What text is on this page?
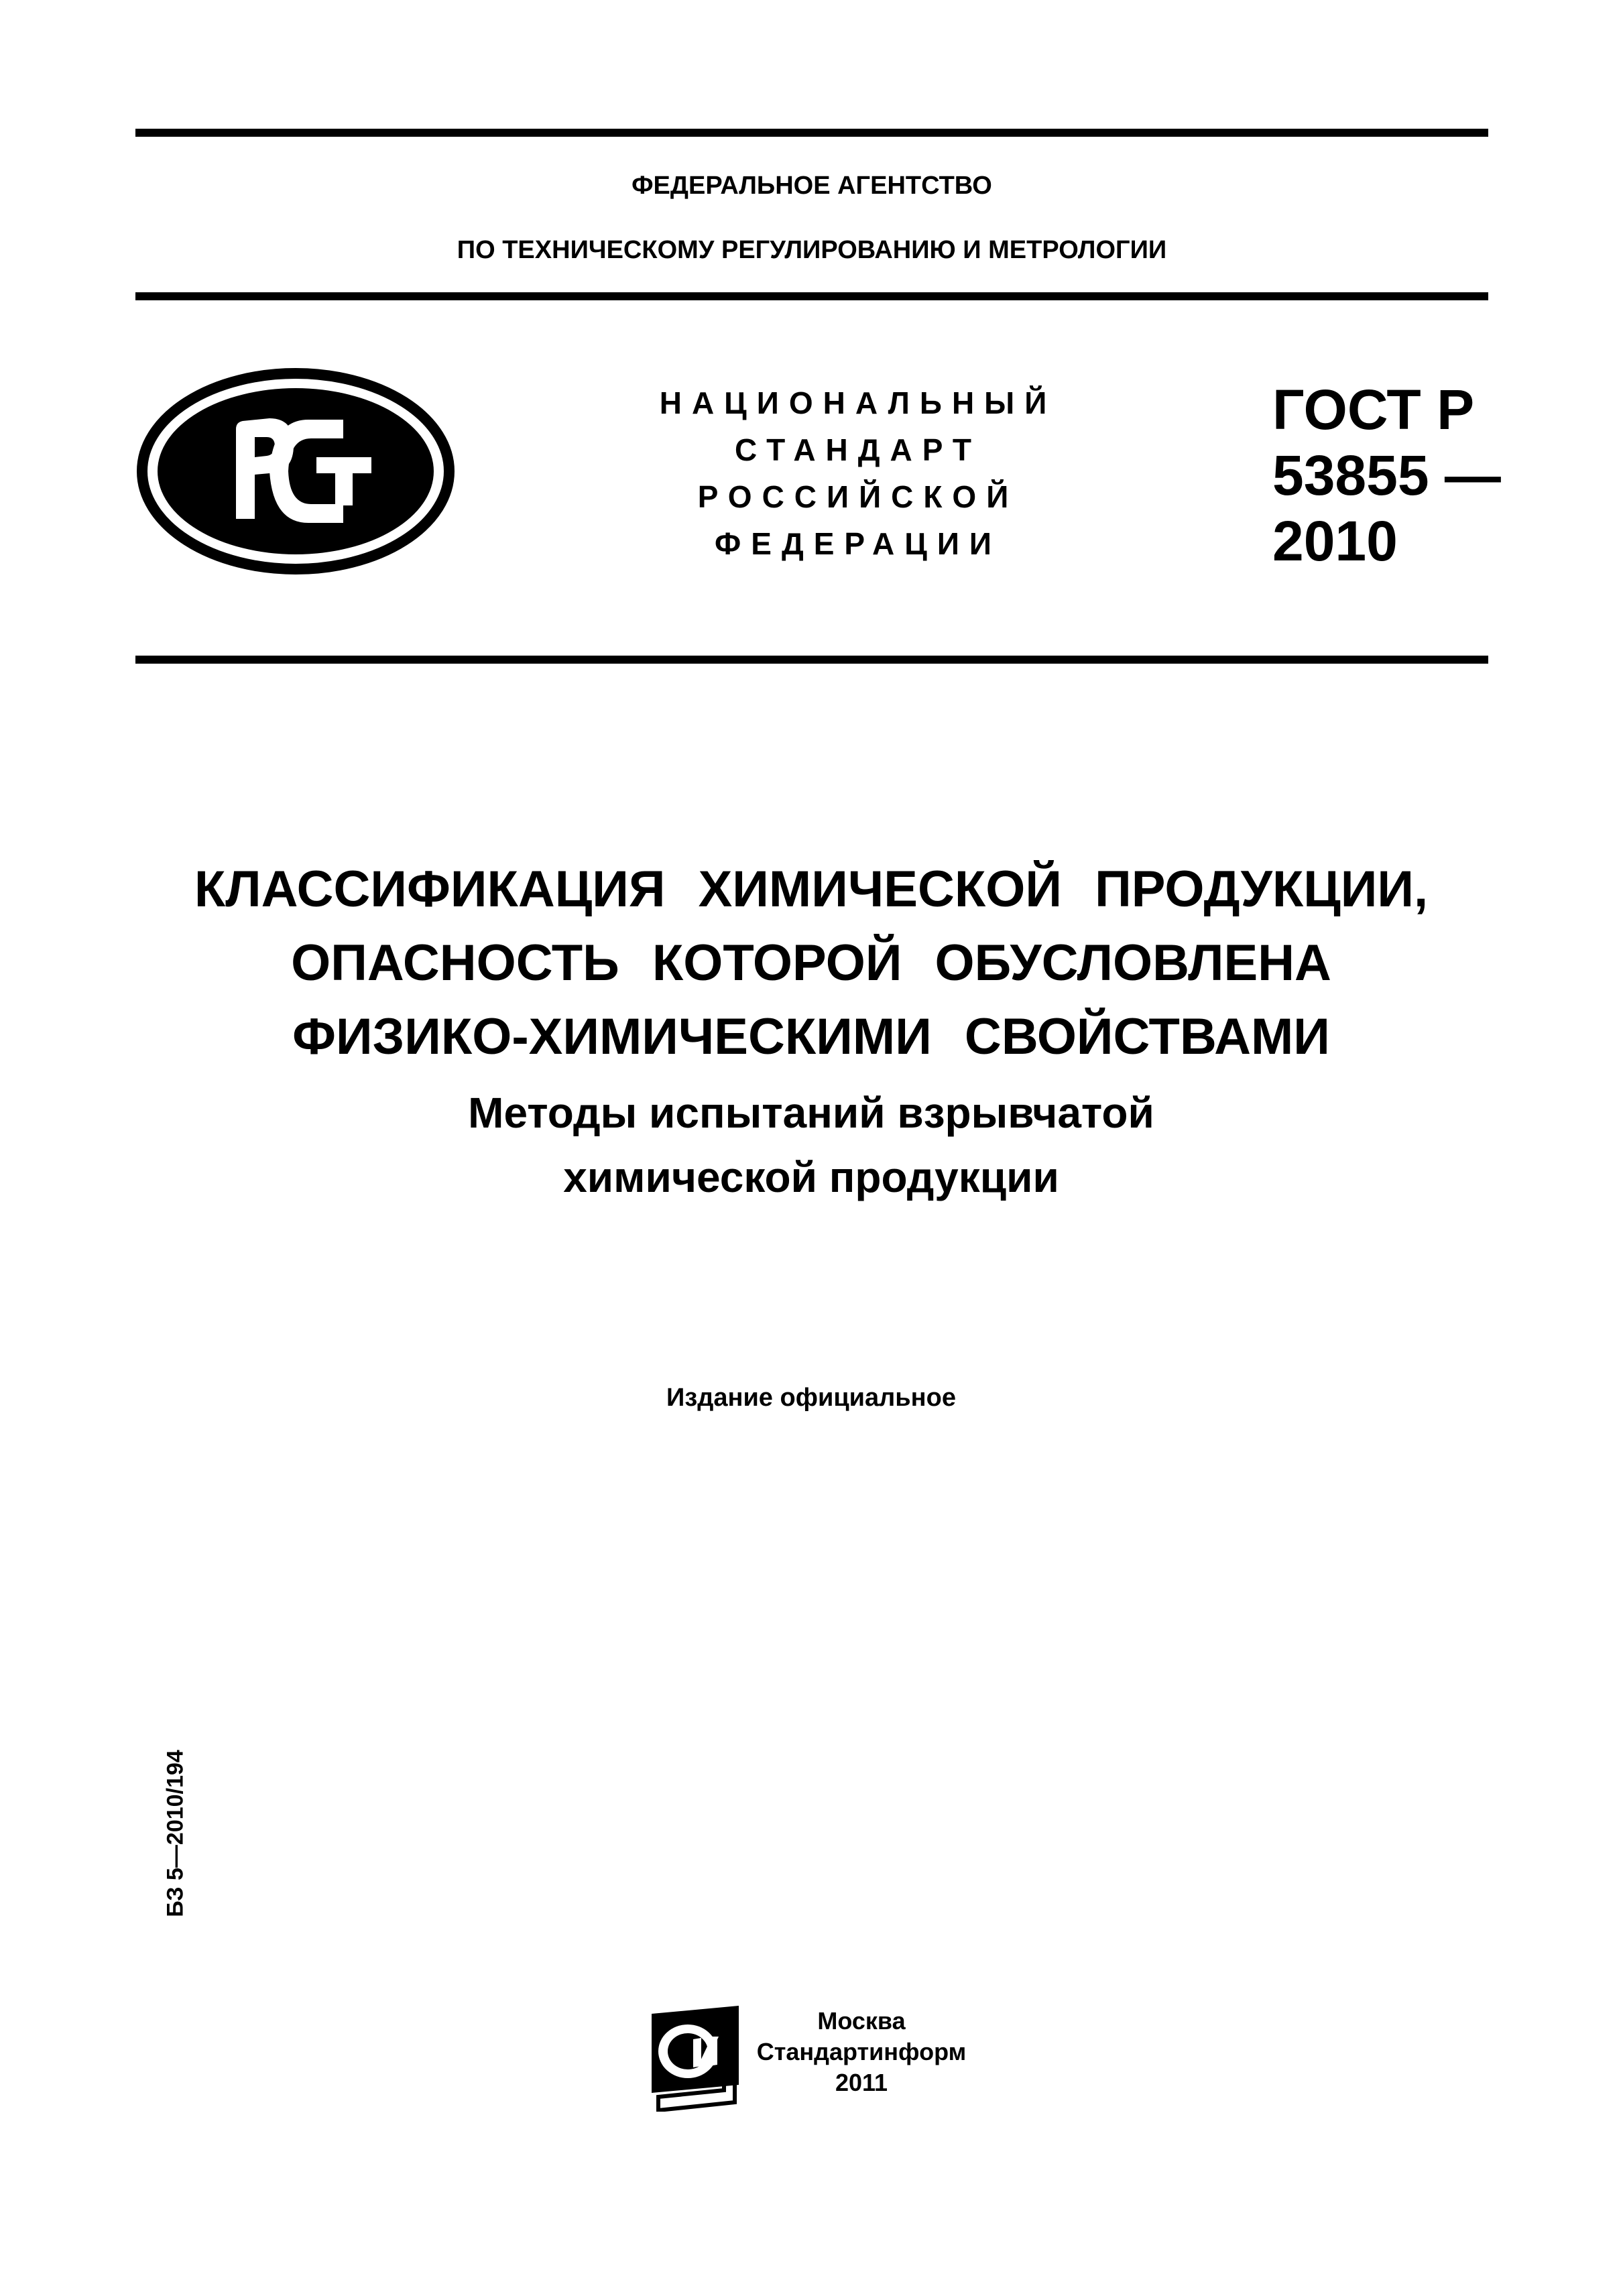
ФЕДЕРАЛЬНОЕ АГЕНТСТВО
ПО ТЕХНИЧЕСКОМУ РЕГУЛИРОВАНИЮ И МЕТРОЛОГИИ
НАЦИОНАЛЬНЫЙ
СТАНДАРТ
РОССИЙСКОЙ
ФЕДЕРАЦИИ
ГОСТ Р
53855 —
2010
КЛАССИФИКАЦИЯ ХИМИЧЕСКОЙ ПРОДУКЦИИ,
ОПАСНОСТЬ КОТОРОЙ ОБУСЛОВЛЕНА
ФИЗИКО-ХИМИЧЕСКИМИ СВОЙСТВАМИ
Методы испытаний взрывчатой
химической продукции
Издание официальное
БЗ 5—2010/194
Москва
Стандартинформ
2011
